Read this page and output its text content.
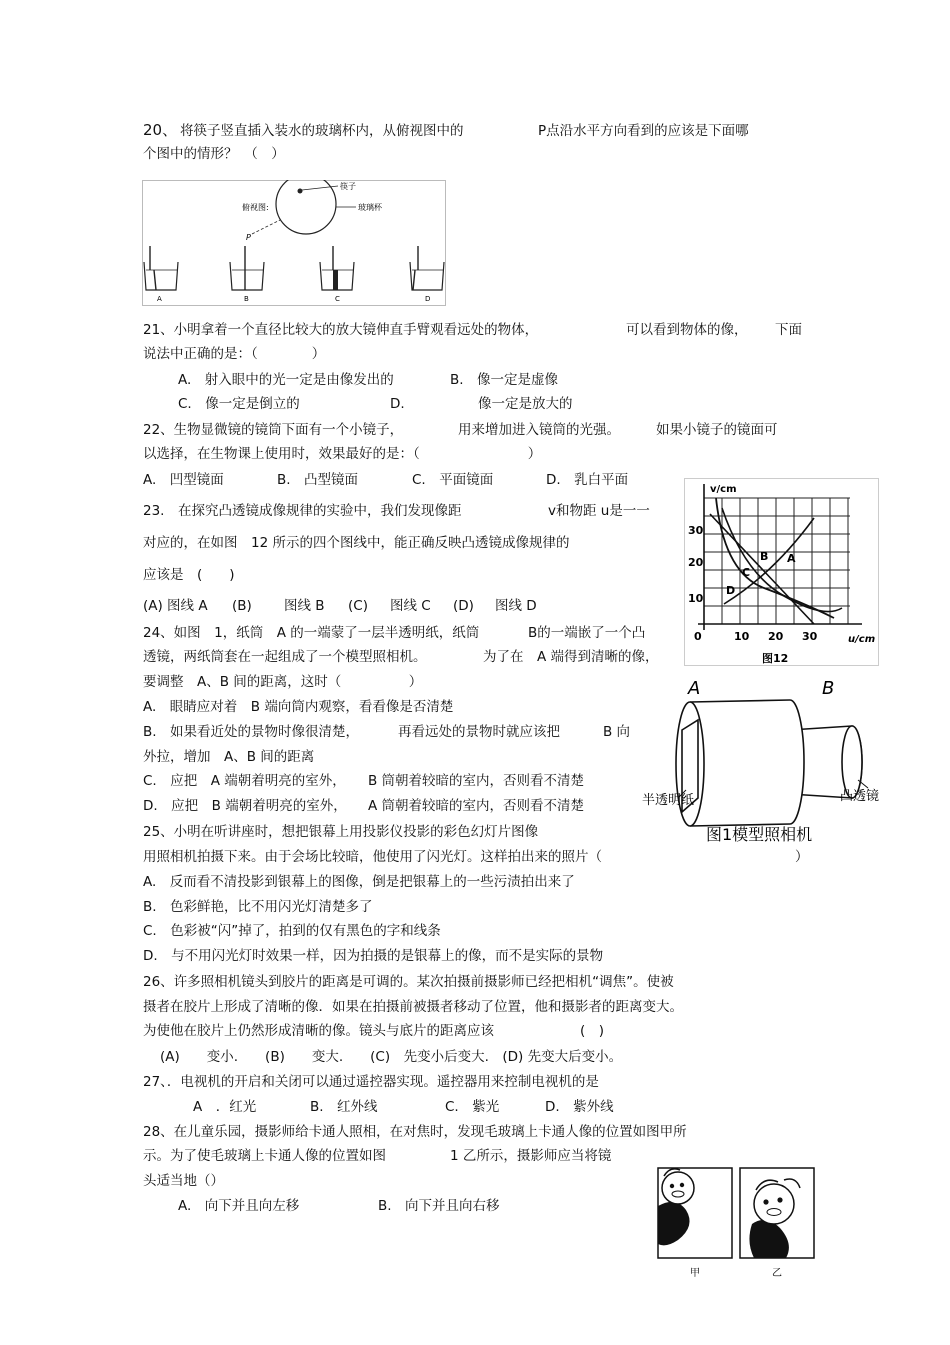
20、 将筷子竖直插入装水的玻璃杯内，从俯视图中的	P点沿水平方向看到的应该是下面哪
个图中的情形？　（　）
筷子
俯视图:	玻璃杯
P
A	B	C	D
21、小明拿着一个直径比较大的放大镜伸直手臂观看远处的物体，	可以看到物体的像， 下面
说法中正确的是：（　　　　）
A.　射入眼中的光一定是由像发出的	B.　像一定是虚像
C.　像一定是倒立的	D.	像一定是放大的
22、生物显微镜的镜筒下面有一个小镜子，	用来增加进入镜筒的光强。	如果小镜子的镜面可
以选择，在生物课上使用时，效果最好的是：（　　　　　　　　）
A.　凹型镜面	B.　凸型镜面	C.　平面镜面	D.　乳白平面
23.　在探究凸透镜成像规律的实验中，我们发现像距	v和物距 u是一一
对应的，在如图　12 所示的四个图线中，能正确反映凸透镜成像规律的
应该是　(　　)
(A) 图线 A (B) 图线 B (C) 图线 C (D) 图线 D
v/cm
u/cm
30
20
10
0	10 20 30
A
B
C
D
图12
24、如图　1，纸筒　A 的一端蒙了一层半透明纸，纸筒	B的一端嵌了一个凸
透镜，两纸筒套在一起组成了一个模型照相机。	为了在　A 端得到清晰的像，
要调整　A、B 间的距离，这时（　　　　　）
A.　眼睛应对着　B 端向筒内观察，看看像是否清楚
B.　如果看近处的景物时像很清楚，	再看远处的景物时就应该把	B 向
外拉，增加　A、B 间的距离
C.　应把　A 端朝着明亮的室外， B 筒朝着较暗的室内，否则看不清楚
D.　应把　B 端朝着明亮的室外， A 筒朝着较暗的室内，否则看不清楚
A	B
半透明纸	凸透镜
图1模型照相机
25、小明在听讲座时，想把银幕上用投影仪投影的彩色幻灯片图像
用照相机拍摄下来。由于会场比较暗，他使用了闪光灯。这样拍出来的照片（	）
A.　反而看不清投影到银幕上的图像，倒是把银幕上的一些污渍拍出来了
B.　色彩鲜艳，比不用闪光灯清楚多了
C.　色彩被“闪”掉了，拍到的仅有黑色的字和线条
D.　与不用闪光灯时效果一样，因为拍摄的是银幕上的像，而不是实际的景物
26、许多照相机镜头到胶片的距离是可调的。某次拍摄前摄影师已经把相机“调焦”。使被
摄者在胶片上形成了清晰的像．如果在拍摄前被摄者移动了位置，他和摄影者的距离变大。
为使他在胶片上仍然形成清晰的像。镜头与底片的距离应该	(　)
(A)　　变小.　　(B)　　变大.　　(C)　先变小后变大.　(D) 先变大后变小。
27、．电视机的开启和关闭可以通过遥控器实现。遥控器用来控制电视机的是
A　．红光	B.　红外线	C.　紫光	D.　紫外线
28、在儿童乐园，摄影师给卡通人照相，在对焦时，发现毛玻璃上卡通人像的位置如图甲所
示。为了使毛玻璃上卡通人像的位置如图	1 乙所示，摄影师应当将镜
头适当地（）
A.　向下并且向左移	B.　向下并且向右移
甲	乙
